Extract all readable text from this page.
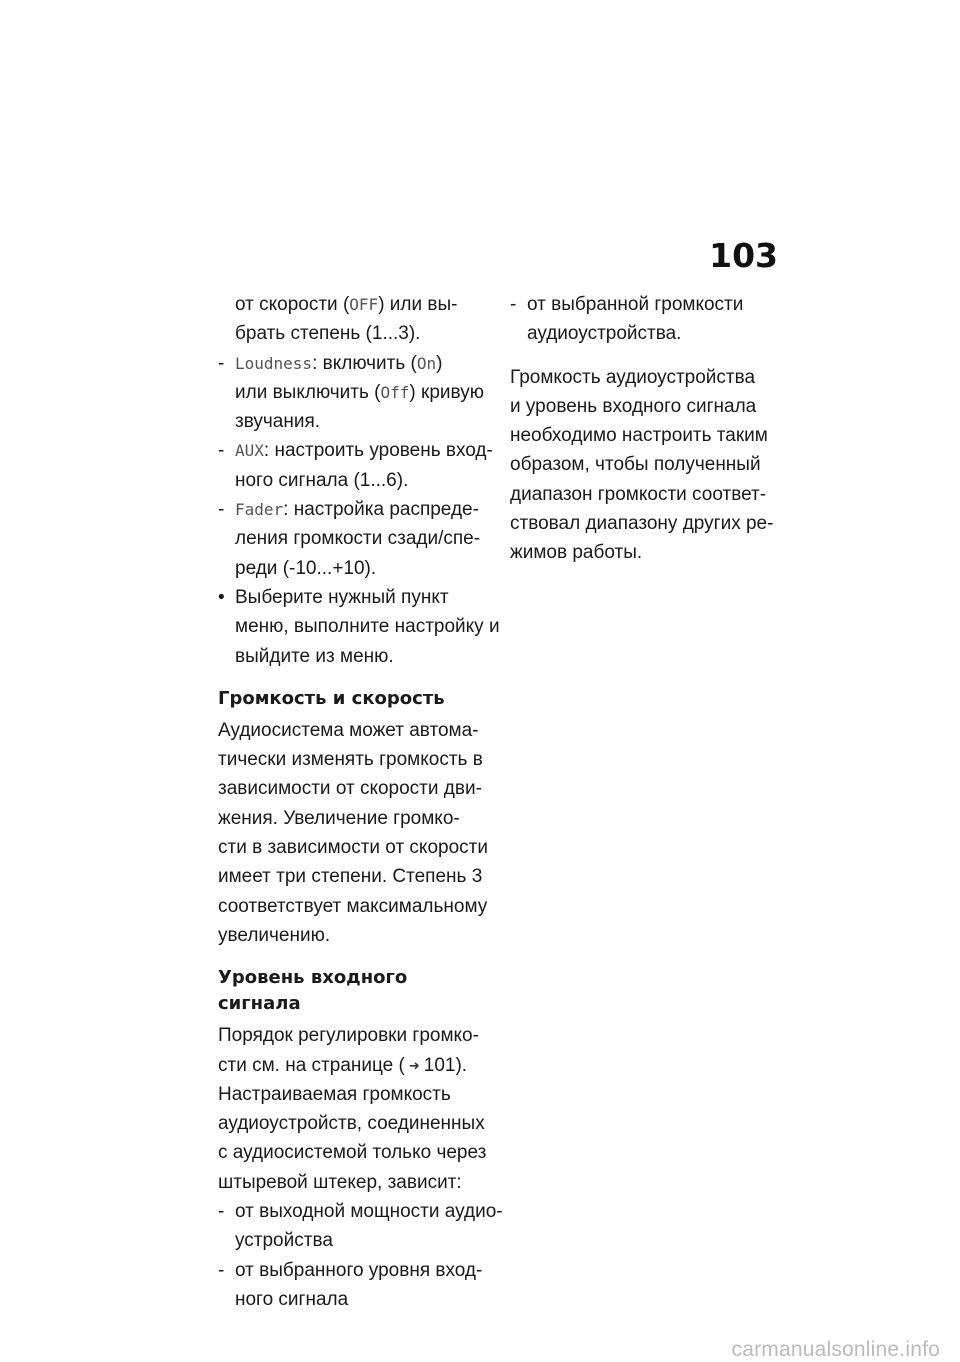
103
от скорости (OFF) или вы-
брать степень (1...3).
- Loudness: включить (On)
или выключить (Off) кривую
звучания.
- AUX: настроить уровень вход-
ного сигнала (1...6).
- Fader: настройка распреде-
ления громкости сзади/спе-
реди (-10...+10).
• Выберите нужный пункт
меню, выполните настройку и
выйдите из меню.
Громкость и скорость
Аудиосистема может автома-
тически изменять громкость в
зависимости от скорости дви-
жения. Увеличение громко-
сти в зависимости от скорости
имеет три степени. Степень 3
соответствует максимальному
увеличению.
Уровень входного сигнала
Порядок регулировки громко-
сти см. на странице ( ➜ 101).
Настраиваемая громкость
аудиоустройств, соединенных
с аудиосистемой только через
штыревой штекер, зависит:
- от выходной мощности аудио-
устройства
- от выбранного уровня вход-
ного сигнала
- от выбранной громкости
аудиоустройства.
Громкость аудиоустройства
и уровень входного сигнала
необходимо настроить таким
образом, чтобы полученный
диапазон громкости соответ-
ствовал диапазону других ре-
жимов работы.
carmanualsonline.info
